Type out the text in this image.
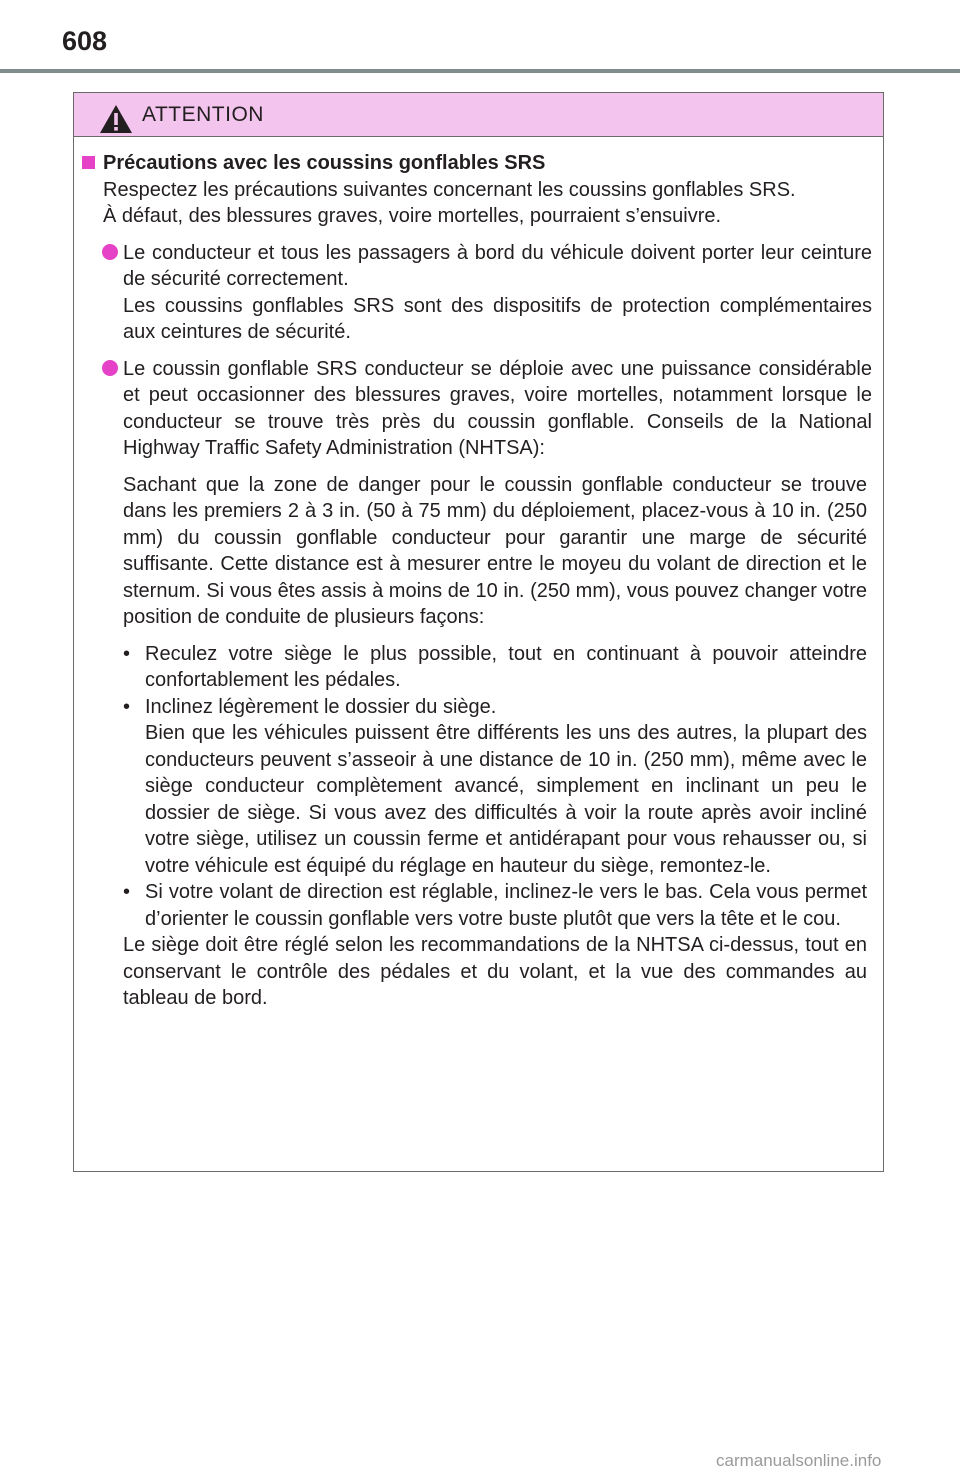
608
ATTENTION
Précautions avec les coussins gonflables SRS
Respectez les précautions suivantes concernant les coussins gonflables SRS.
À défaut, des blessures graves, voire mortelles, pourraient s’ensuivre.
Le conducteur et tous les passagers à bord du véhicule doivent porter leur ceinture de sécurité correctement.
Les coussins gonflables SRS sont des dispositifs de protection complémentaires aux ceintures de sécurité.
Le coussin gonflable SRS conducteur se déploie avec une puissance considérable et peut occasionner des blessures graves, voire mortelles, notamment lorsque le conducteur se trouve très près du coussin gonflable. Conseils de la National Highway Traffic Safety Administration (NHTSA):
Sachant que la zone de danger pour le coussin gonflable conducteur se trouve dans les premiers 2 à 3 in. (50 à 75 mm) du déploiement, placez-vous à 10 in. (250 mm) du coussin gonflable conducteur pour garantir une marge de sécurité suffisante. Cette distance est à mesurer entre le moyeu du volant de direction et le sternum. Si vous êtes assis à moins de 10 in. (250 mm), vous pouvez changer votre position de conduite de plusieurs façons:
• Reculez votre siège le plus possible, tout en continuant à pouvoir atteindre confortablement les pédales.
• Inclinez légèrement le dossier du siège.
Bien que les véhicules puissent être différents les uns des autres, la plupart des conducteurs peuvent s’asseoir à une distance de 10 in. (250 mm), même avec le siège conducteur complètement avancé, simplement en inclinant un peu le dossier de siège. Si vous avez des difficultés à voir la route après avoir incliné votre siège, utilisez un coussin ferme et antidérapant pour vous rehausser ou, si votre véhicule est équipé du réglage en hauteur du siège, remontez-le.
• Si votre volant de direction est réglable, inclinez-le vers le bas. Cela vous permet d’orienter le coussin gonflable vers votre buste plutôt que vers la tête et le cou.
Le siège doit être réglé selon les recommandations de la NHTSA ci-dessus, tout en conservant le contrôle des pédales et du volant, et la vue des commandes au tableau de bord.
carmanualsonline.info
